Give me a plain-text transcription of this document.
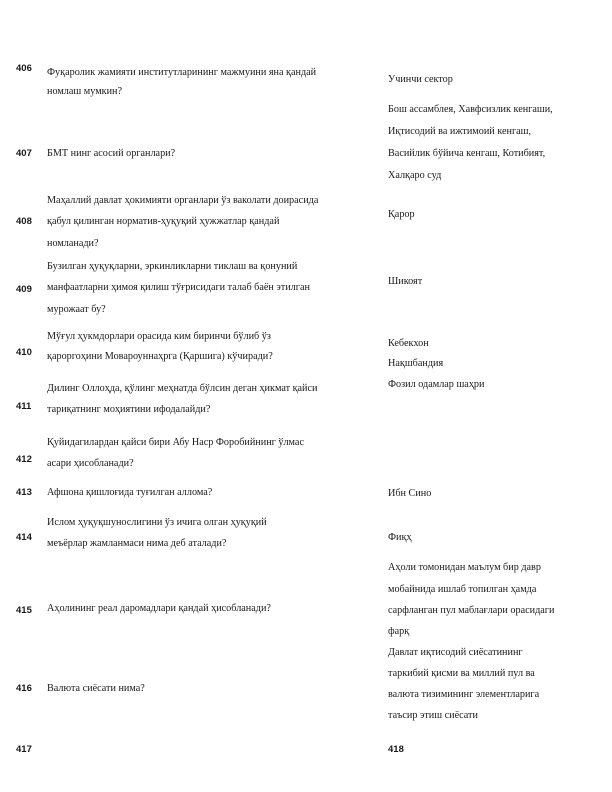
406 Фуқаролик жамияти институтларининг мажмуини яна қандай
номлаш мумкин?
Учинчи сектор
407 БМТ нинг асосий органлари?
Бош ассамблея, Хавфсизлик кенгаши,
Иқтисодий ва ижтимоий кенгаш,
Васийлик бўйича кенгаш, Котибият,
Халқаро суд
408
Маҳаллий давлат ҳокимияти органлари ўз ваколати доирасида
қабул қилинган норматив-ҳуқуқий ҳужжатлар қандай
номланади?
Қарор
409
Бузилган ҳуқуқларни, эркинликларни тиклаш ва қонуний
манфаатларни ҳимоя қилиш тўғрисидаги талаб баён этилган
мурожаат бу?
Шикоят
410
Мўғул ҳукмдорлари орасида ким биринчи бўлиб ўз
қароргоҳини Мовароуннаҳрга (Қаршига) кўчиради?
Кебекхон
411
Дилинг Оллоҳда, қўлинг меҳнатда бўлсин деган ҳикмат қайси
тариқатнинг моҳиятини ифодалайди?
Нақшбандия
Фозил одамлар шаҳри
412
Қуйидагилардан қайси бири Абу Наср Форобийнинг ўлмас
асари ҳисобланади?
413 Афшона қишлоғида туғилган аллома?	Ибн Сино
414
Ислом ҳуқуқшунослигини ўз ичига олган ҳуқуқий
меъёрлар жамланмаси нима деб аталади?
Фиқҳ
415 Аҳолининг реал даромадлари қандай ҳисобланади?
Аҳоли томонидан маълум бир давр
мобайнида ишлаб топилган ҳамда
сарфланган пул маблағлари орасидаги
фарқ
416 Валюта сиёсати нима?
Давлат иқтисодий сиёсатининг
таркибий қисми ва миллий пул ва
валюта тизимининг элементларига
таъсир этиш сиёсати
417	418
